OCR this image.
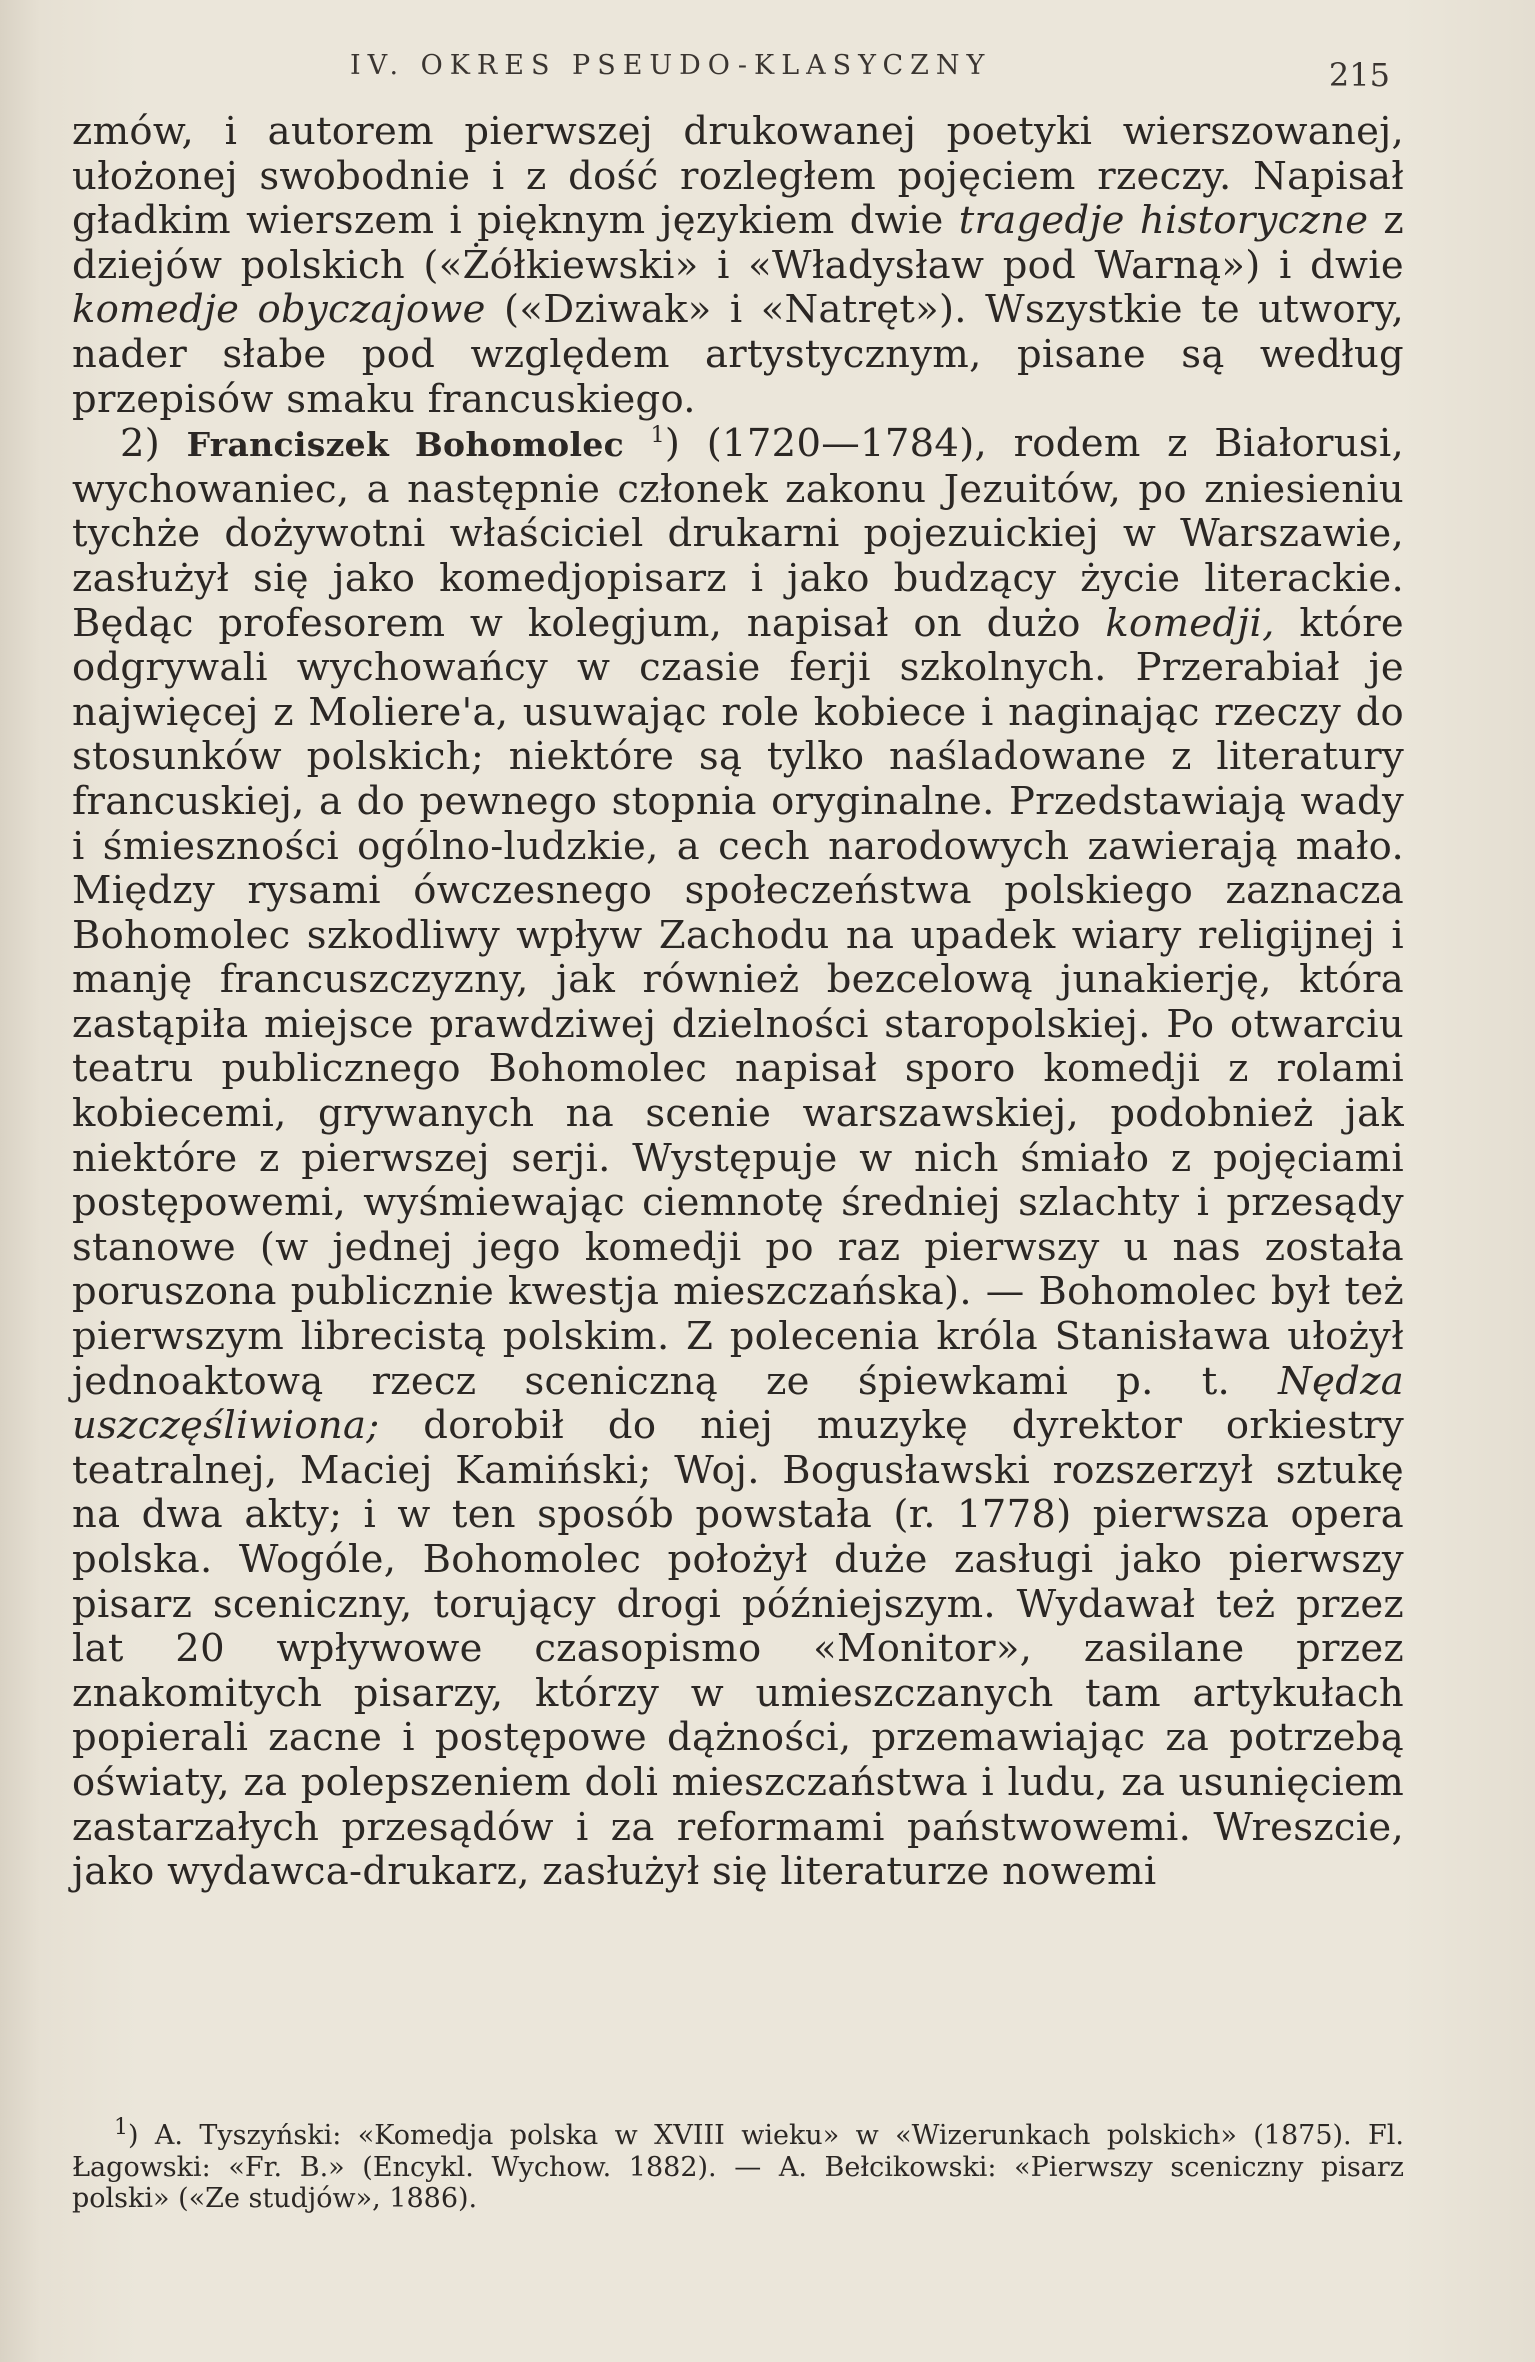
IV. OKRES PSEUDO-KLASYCZNY	215

zmów, i autorem pierwszej drukowanej poetyki wierszowanej, ułożonej swobodnie i z dość rozległem pojęciem rzeczy. Napisał gładkim wierszem i pięknym językiem dwie tragedje historyczne z dziejów polskich («Żółkiewski» i «Władysław pod Warną») i dwie komedje obyczajowe («Dziwak» i «Natręt»). Wszystkie te utwory, nader słabe pod względem artystycznym, pisane są według przepisów smaku francuskiego.

2) Franciszek Bohomolec $^1$) (1720—1784), rodem z Białorusi, wychowaniec, a następnie członek zakonu Jezuitów, po zniesieniu tychże dożywotni właściciel drukarni pojezuickiej w Warszawie, zasłużył się jako komedjopisarz i jako budzący życie literackie. Będąc profesorem w kolegjum, napisał on dużo komedji, które odgrywali wychowańcy w czasie ferji szkolnych. Przerabiał je najwięcej z Moliere'a, usuwając role kobiece i naginając rzeczy do stosunków polskich; niektóre są tylko naśladowane z literatury francuskiej, a do pewnego stopnia oryginalne. Przedstawiają wady i śmieszności ogólno-ludzkie, a cech narodowych zawierają mało. Między rysami ówczesnego społeczeństwa polskiego zaznacza Bohomolec szkodliwy wpływ Zachodu na upadek wiary religijnej i manję francuszczyzny, jak również bezcelową junakierję, która zastąpiła miejsce prawdziwej dzielności staropolskiej. Po otwarciu teatru publicznego Bohomolec napisał sporo komedji z rolami kobiecemi, grywanych na scenie warszawskiej, podobnież jak niektóre z pierwszej serji. Występuje w nich śmiało z pojęciami postępowemi, wyśmiewając ciemnotę średniej szlachty i przesądy stanowe (w jednej jego komedji po raz pierwszy u nas została poruszona publicznie kwestja mieszczańska). — Bohomolec był też pierwszym librecistą polskim. Z polecenia króla Stanisława ułożył jednoaktową rzecz sceniczną ze śpiewkami p. t. Nędza uszczęśliwiona; dorobił do niej muzykę dyrektor orkiestry teatralnej, Maciej Kamiński; Woj. Bogusławski rozszerzył sztukę na dwa akty; i w ten sposób powstała (r. 1778) pierwsza opera polska. Wogóle, Bohomolec położył duże zasługi jako pierwszy pisarz sceniczny, torujący drogi późniejszym. Wydawał też przez lat 20 wpływowe czasopismo «Monitor», zasilane przez znakomitych pisarzy, którzy w umieszczanych tam artykułach popierali zacne i postępowe dążności, przemawiając za potrzebą oświaty, za polepszeniem doli mieszczaństwa i ludu, za usunięciem zastarzałych przesądów i za reformami państwowemi. Wreszcie, jako wydawca-drukarz, zasłużył się literaturze nowemi

$^1$) A. Tyszyński: «Komedja polska w XVIII wieku» w «Wizerunkach polskich» (1875). Fl. Łagowski: «Fr. B.» (Encykl. Wychow. 1882). — A. Bełcikowski: «Pierwszy sceniczny pisarz polski» («Ze studjów», 1886).
